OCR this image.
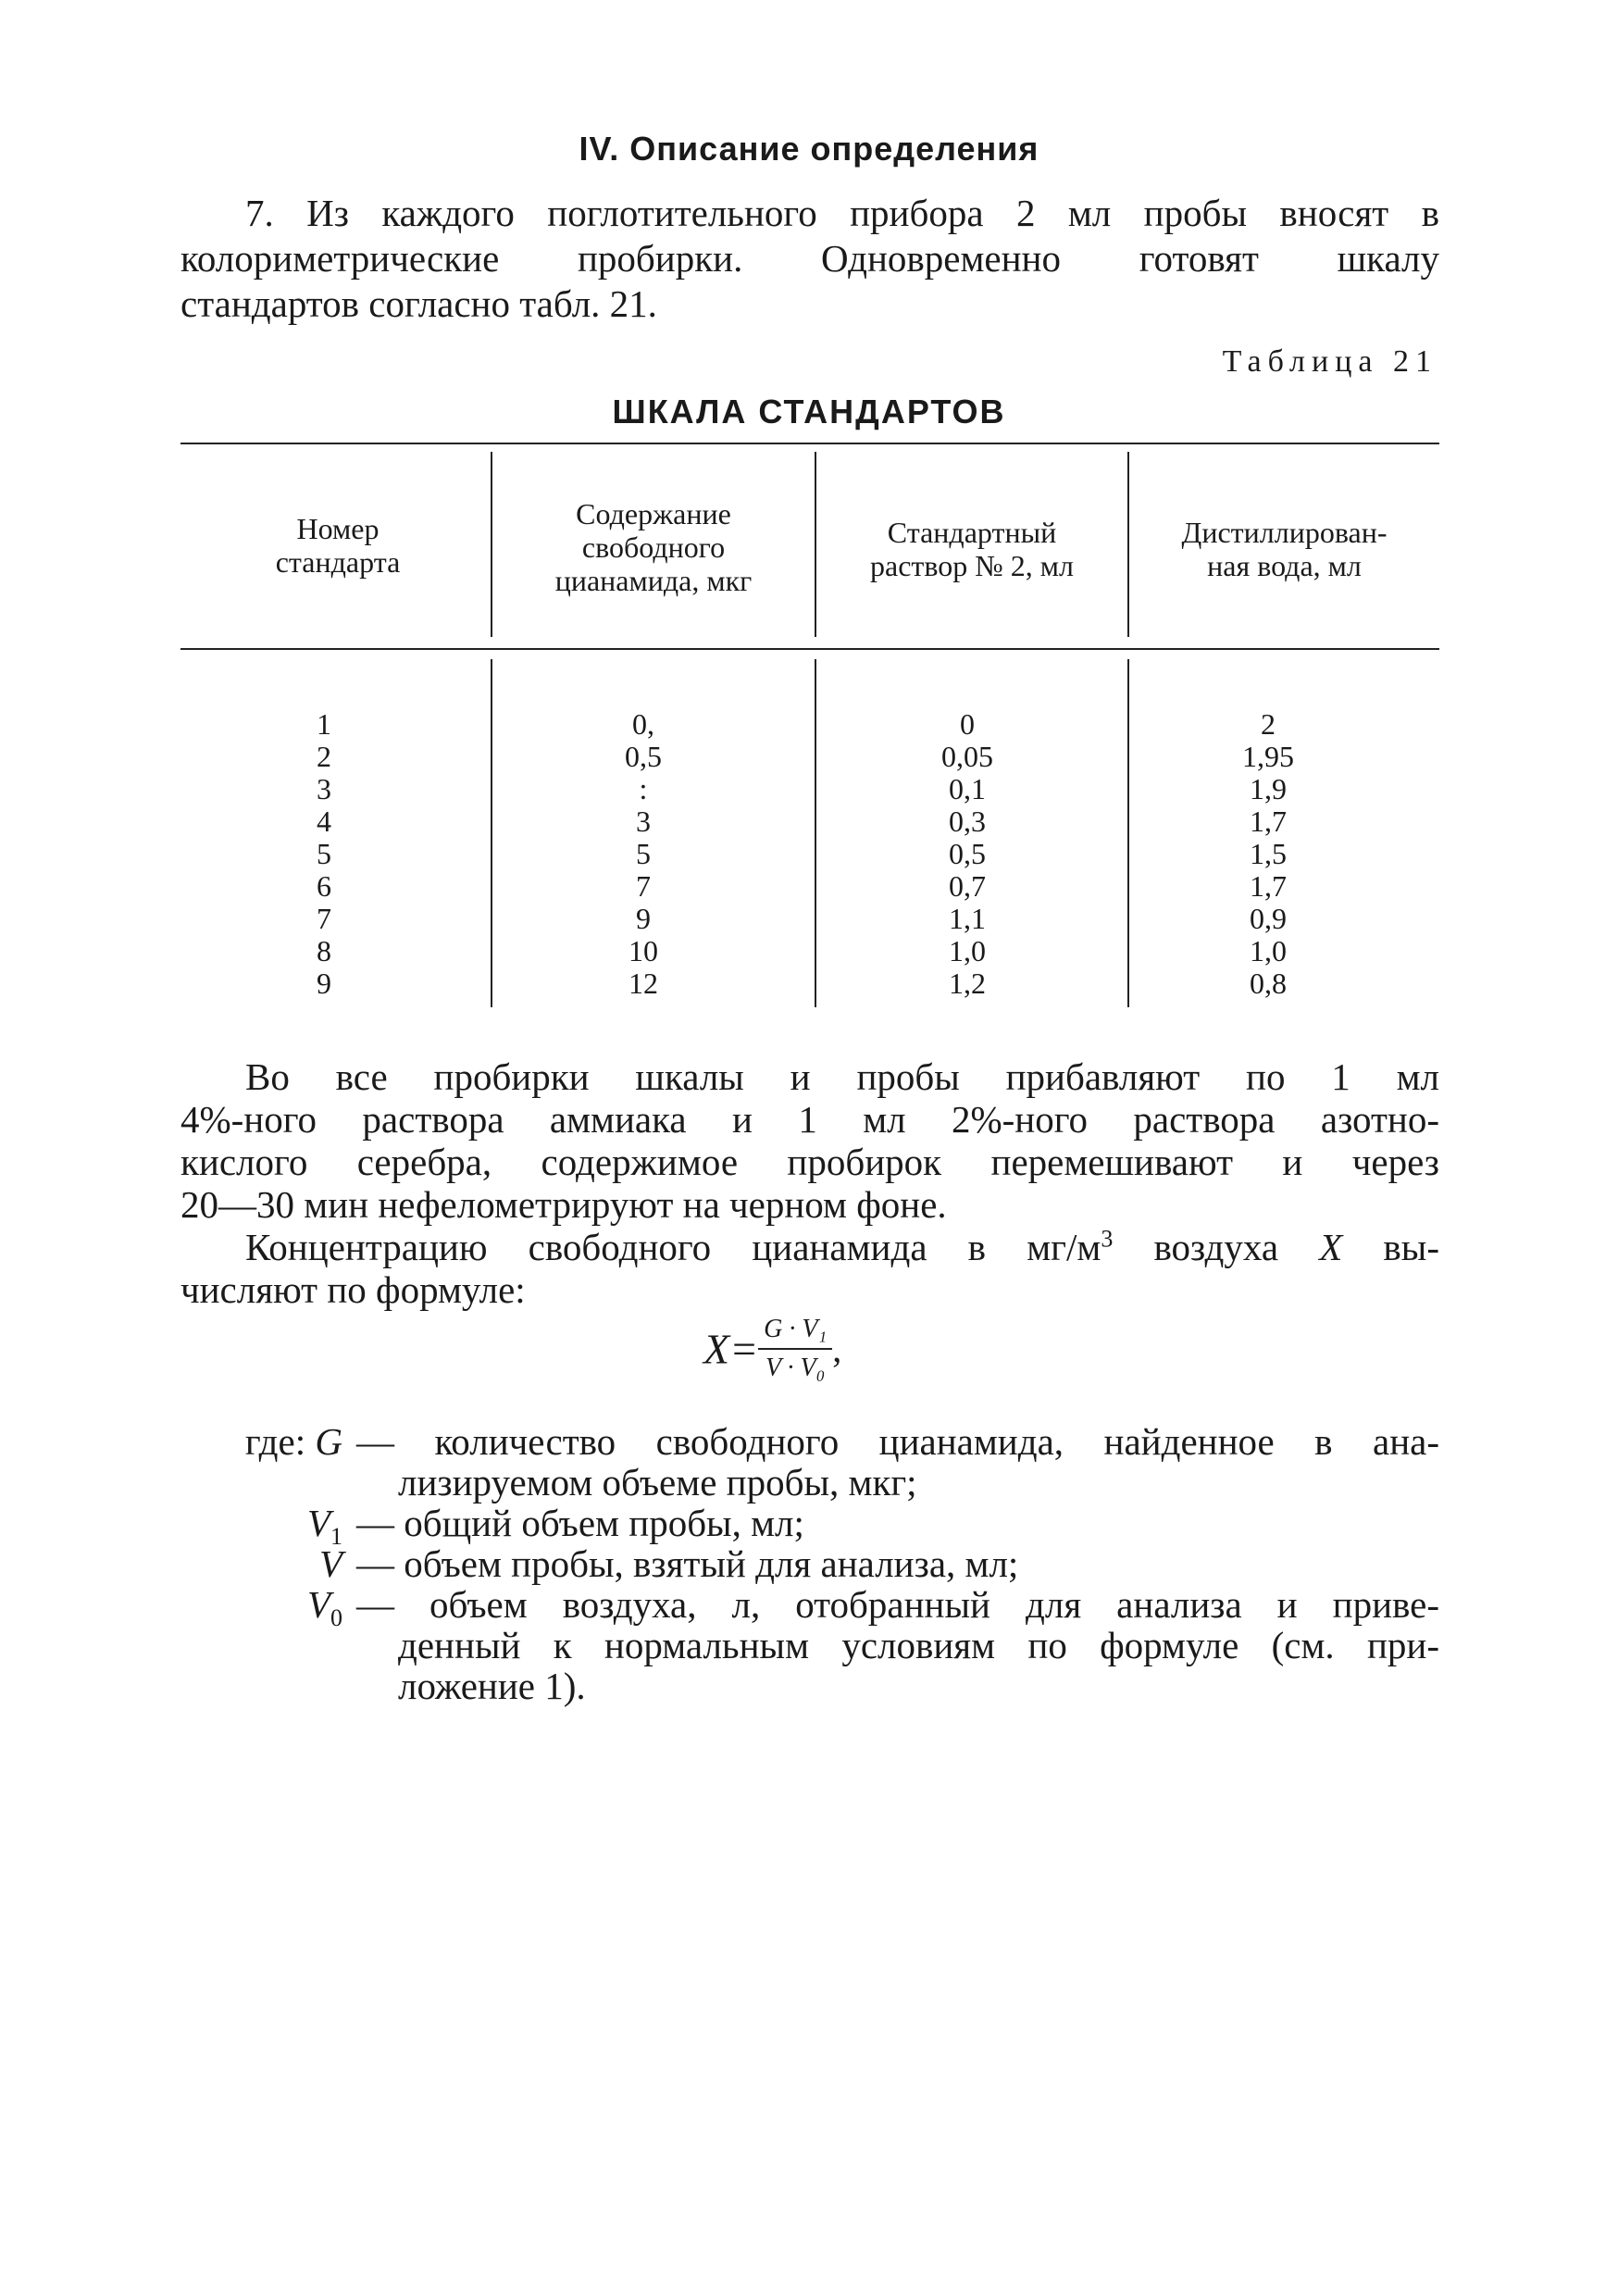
IV. Описание определения
7. Из каждого поглотительного прибора 2 мл пробы вносят в
колориметрические пробирки. Одновременно готовят шкалу
стандартов согласно табл. 21.
Таблица 21
ШКАЛА СТАНДАРТОВ
Номер
стандарта
Содержание
свободного
цианамида, мкг
Стандартный
раствор № 2, мл
Дистиллирован-
ная вода, мл
1
2
3
4
5
6
7
8
9
0,
0,5
:
3
5
7
9
10
12
0
0,05
0,1
0,3
0,5
0,7
1,1
1,0
1,2
2
1,95
1,9
1,7
1,5
1,7
0,9
1,0
0,8
Во все пробирки шкалы и пробы прибавляют по 1 мл
4%-ного раствора аммиака и 1 мл 2%-ного раствора азотно-
кислого серебра, содержимое пробирок перемешивают и через
20—30 мин нефелометрируют на черном фоне.
Концентрацию свободного цианамида в $мг/м^3$ воздуха X вы-
числяют по формуле:
$X= \frac{\text{G · V₁}}{\text{V · V₀}}$ ,
где: G — количество свободного цианамида, найденное в ана-
лизируемом объеме пробы, мкг;
$V_1$ — общий объем пробы, мл;
V — объем пробы, взятый для анализа, мл;
$V_0$ — объем воздуха, л, отобранный для анализа и приве-
денный к нормальным условиям по формуле (см. при-
ложение 1).
